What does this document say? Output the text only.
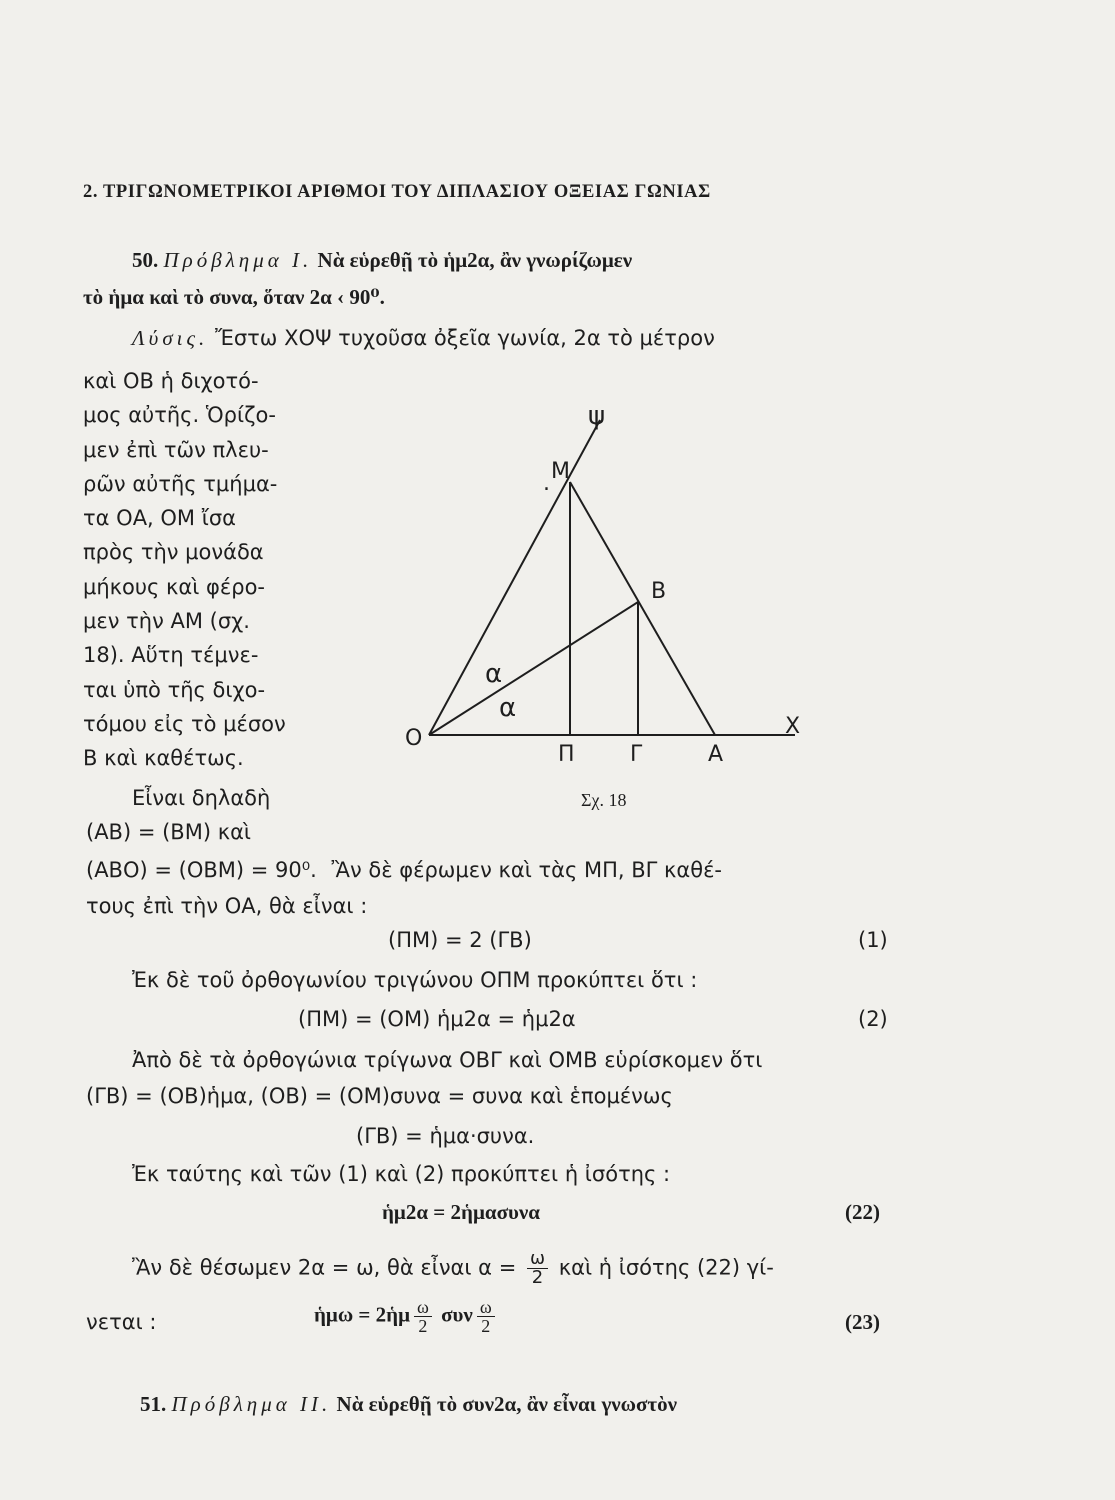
2. ΤΡΙΓΩΝΟΜΕΤΡΙΚΟΙ ΑΡΙΘΜΟΙ ΤΟΥ ΔΙΠΛΑΣΙΟΥ ΟΞΕΙΑΣ ΓΩΝΙΑΣ
50. Πρόβλημα Ι. Νὰ εὑρεθῇ τὸ ἡμ2α, ἂν γνωρίζωμεν
τὸ ἡμα καὶ τὸ συνα, ὅταν 2α ‹ 90⁰.
Λύσις. Ἔστω ΧΟΨ τυχοῦσα ὀξεῖα γωνία, 2α τὸ μέτρον
καὶ ΟΒ ἡ διχοτό-
μος αὐτῆς. Ὁρίζο-
μεν ἐπὶ τῶν πλευ-
ρῶν αὐτῆς τμήμα-
τα ΟΑ, ΟΜ ἴσα
πρὸς τὴν μονάδα
μήκους καὶ φέρο-
μεν τὴν ΑΜ (σχ.
18). Αὕτη τέμνε-
ται ὑπὸ τῆς διχο-
τόμου εἰς τὸ μέσον
Β καὶ καθέτως.
Εἶναι δηλαδὴ
(ΑΒ) = (ΒΜ) καὶ
(ΑΒΟ) = (ΟΒΜ) = 90⁰. Ἂν δὲ φέρωμεν καὶ τὰς ΜΠ, ΒΓ καθέ-
τους ἐπὶ τὴν ΟΑ, θὰ εἶναι :
(ΠΜ) = 2 (ΓΒ)	(1)
Ἐκ δὲ τοῦ ὀρθογωνίου τριγώνου ΟΠΜ προκύπτει ὅτι :
(ΠΜ) = (ΟΜ) ἡμ2α = ἡμ2α	(2)
Ἀπὸ δὲ τὰ ὀρθογώνια τρίγωνα ΟΒΓ καὶ ΟΜΒ εὑρίσκομεν ὅτι
(ΓΒ) = (ΟΒ)ἡμα, (ΟΒ) = (ΟΜ)συνα = συνα καὶ ἑπομένως
(ΓΒ) = ἡμα·συνα.
Ἐκ ταύτης καὶ τῶν (1) καὶ (2) προκύπτει ἡ ἰσότης :
ἡμ2α = 2ἡμασυνα	(22)
Ἂν δὲ θέσωμεν 2α = ω, θὰ εἶναι $\alpha = \frac{\omega}{2}$ καὶ ἡ ἰσότης (22) γί-
νεται :	ἡμω = 2ἡμ $\frac{\omega}{2}$ συν $\frac{\omega}{2}$	(23)
51. Πρόβλημα ΙΙ. Νὰ εὑρεθῇ τὸ συν2α, ἂν εἶναι γνωστὸν
ψ
. M
B
α
α
O	X
Π	Γ	A
Σχ. 18
